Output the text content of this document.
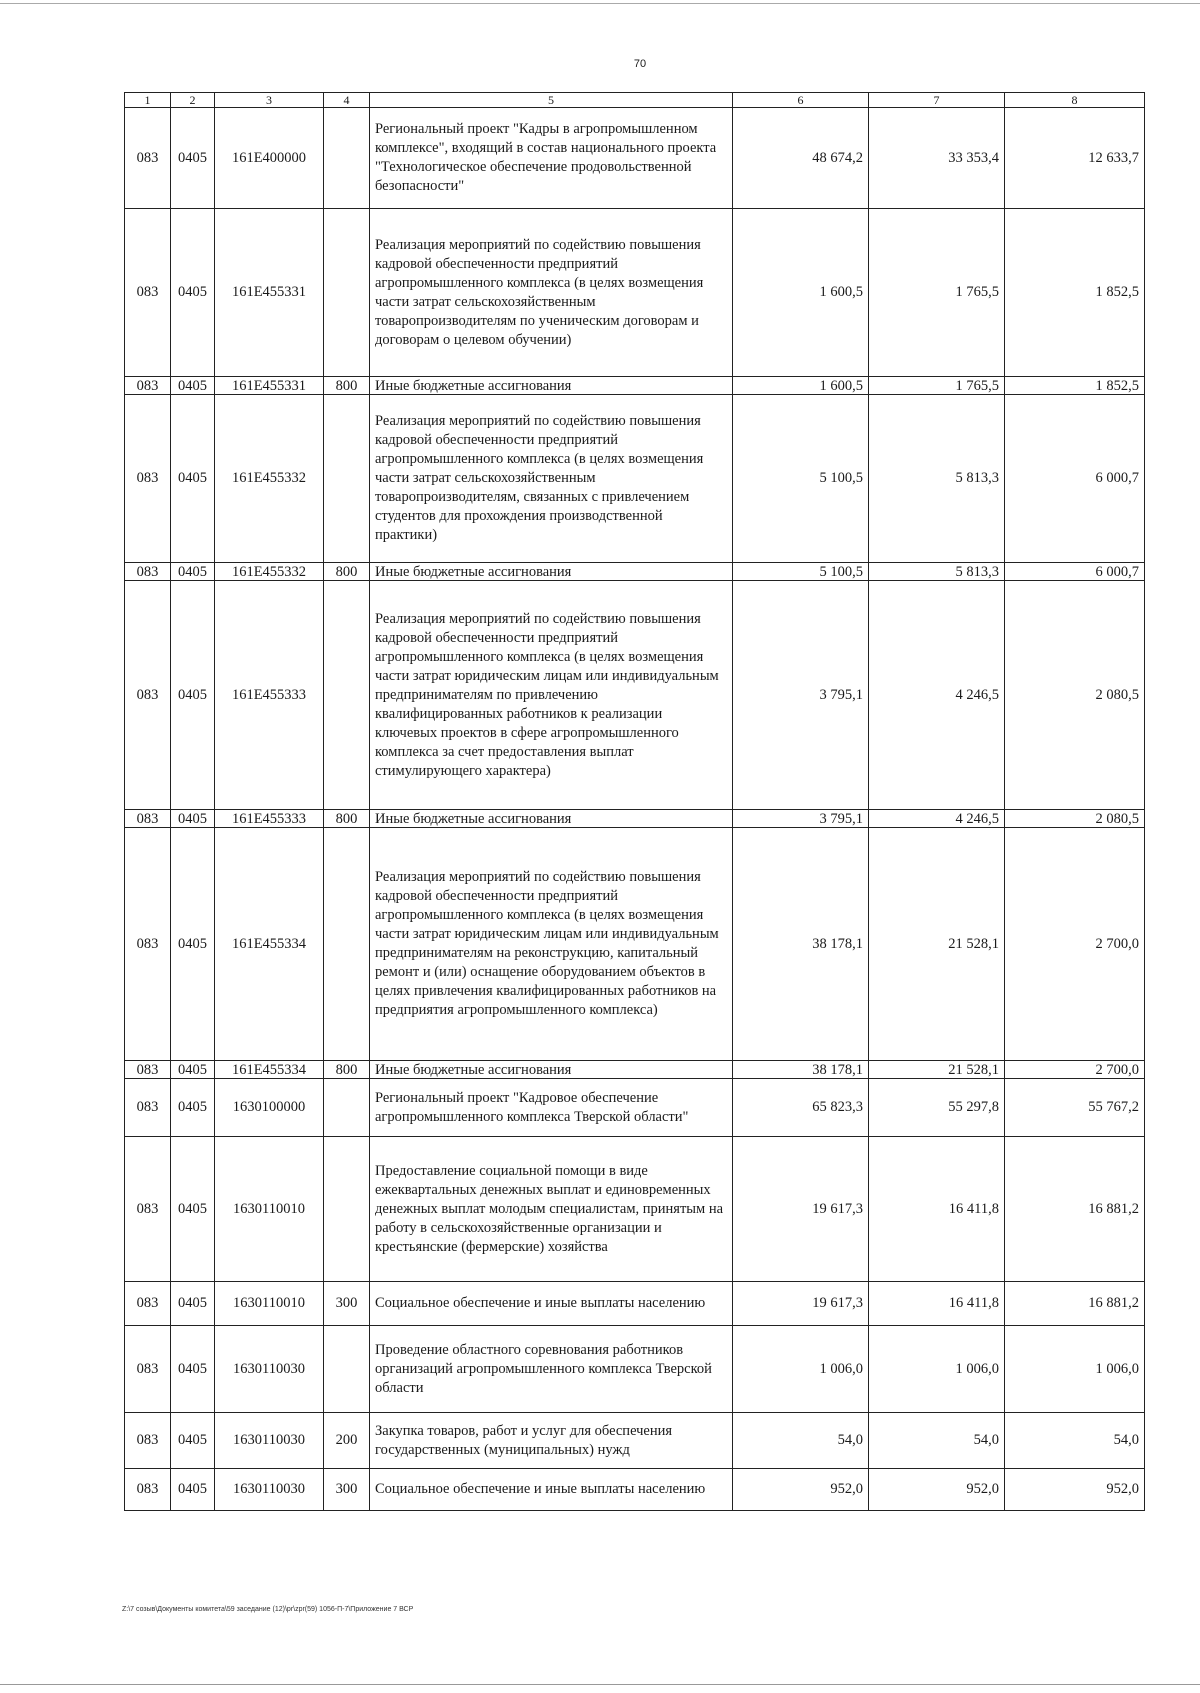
70
1	2	3	4	5	6	7	8
083	0405	161E400000		Региональный проект "Кадры в агропромышленном комплексе", входящий в состав национального проекта "Технологическое обеспечение продовольственной безопасности"	48 674,2	33 353,4	12 633,7
083	0405	161E455331		Реализация мероприятий по содействию повышения кадровой обеспеченности предприятий агропромышленного комплекса (в целях возмещения части затрат сельскохозяйственным товаропроизводителям по ученическим договорам и договорам о целевом обучении)	1 600,5	1 765,5	1 852,5
083	0405	161E455331	800	Иные бюджетные ассигнования	1 600,5	1 765,5	1 852,5
083	0405	161E455332		Реализация мероприятий по содействию повышения кадровой обеспеченности предприятий агропромышленного комплекса (в целях возмещения части затрат сельскохозяйственным товаропроизводителям, связанных с привлечением студентов для прохождения производственной практики)	5 100,5	5 813,3	6 000,7
083	0405	161E455332	800	Иные бюджетные ассигнования	5 100,5	5 813,3	6 000,7
083	0405	161E455333		Реализация мероприятий по содействию повышения кадровой обеспеченности предприятий агропромышленного комплекса (в целях возмещения части затрат юридическим лицам или индивидуальным предпринимателям по привлечению квалифицированных работников к реализации ключевых проектов в сфере агропромышленного комплекса за счет предоставления выплат стимулирующего характера)	3 795,1	4 246,5	2 080,5
083	0405	161E455333	800	Иные бюджетные ассигнования	3 795,1	4 246,5	2 080,5
083	0405	161E455334		Реализация мероприятий по содействию повышения кадровой обеспеченности предприятий агропромышленного комплекса (в целях возмещения части затрат юридическим лицам или индивидуальным предпринимателям на реконструкцию, капитальный ремонт и (или) оснащение оборудованием объектов в целях привлечения квалифицированных работников на предприятия агропромышленного комплекса)	38 178,1	21 528,1	2 700,0
083	0405	161E455334	800	Иные бюджетные ассигнования	38 178,1	21 528,1	2 700,0
083	0405	1630100000		Региональный проект "Кадровое обеспечение агропромышленного комплекса Тверской области"	65 823,3	55 297,8	55 767,2
083	0405	1630110010		Предоставление социальной помощи в виде ежеквартальных денежных выплат и единовременных денежных выплат молодым специалистам, принятым на работу в сельскохозяйственные организации и крестьянские (фермерские) хозяйства	19 617,3	16 411,8	16 881,2
083	0405	1630110010	300	Социальное обеспечение и иные выплаты населению	19 617,3	16 411,8	16 881,2
083	0405	1630110030		Проведение областного соревнования работников организаций агропромышленного комплекса Тверской области	1 006,0	1 006,0	1 006,0
083	0405	1630110030	200	Закупка товаров, работ и услуг для обеспечения государственных (муниципальных) нужд	54,0	54,0	54,0
083	0405	1630110030	300	Социальное обеспечение и иные выплаты населению	952,0	952,0	952,0
Z:\7 созыв\Документы комитета\59 заседание (12)\pr\zpr(59) 1056-П-7\Приложение 7 ВСР
